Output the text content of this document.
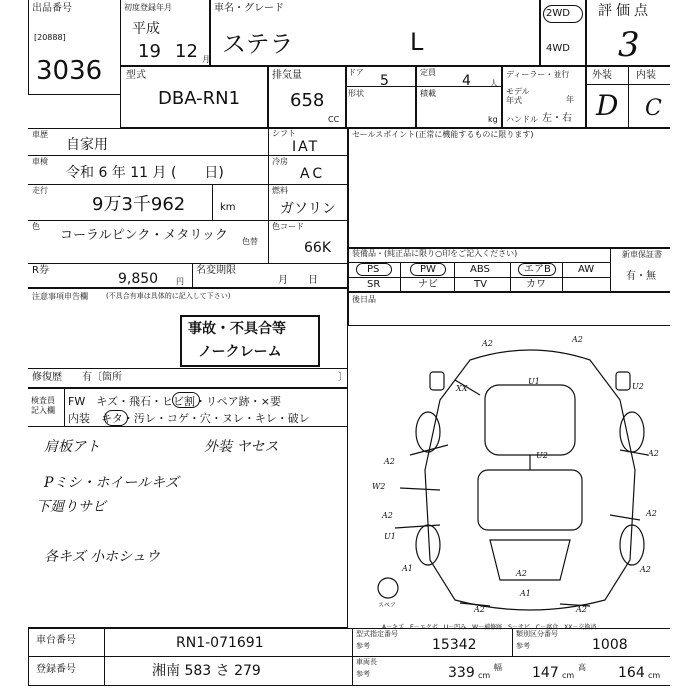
出品番号
[20888]
3036
初度登録年月
平成
19 12 月
車名・グレード
ステラ	L
2WD
4WD
評価点
3
外装 内装
D C
型式
DBA-RN1
排気量
658
CC
ドア
5
形状
定員
4 人
積載
kg
ディーラー・並行
モデル 年式	年
ハンドル 左・右
車歴
自家用
車検
令和 6 年 11 月 (　　日)
走行
9万3千962	km
色
コーラルピンク・メタリック	色替
シフト
IAT
冷房
AC
燃料
ガソリン
色コード
66K
R券
9,850 円
名変期限
月　　日
セールスポイント(正常に機能するものに限ります)
装備品・(純正品に限り○印をご記入ください)	新車保証書
有・無
PS	PW	ABS	エアB	AW
SR	ナビ	TV	カワ
後日品
注意事項申告欄	(不具合有車は具体的に記入して下さい)
事故・不具合等
ノークレーム
修復歴 有〔箇所	〕
検査員 記入欄
FW　キズ・飛石・ヒビ割・リペア跡・×要
内装　キタ・汚レ・コゲ・穴・ヌレ・キレ・破レ
肩板アト	外装 ヤセス
Pミシ・ホイールキズ
下廻りサビ
各キズ 小ホシュウ
A2	A2
U1
XX
U2
A2
U2
A2
W2
A2
U1
A2
A1
A2	A2
A1
A2	A2
スペア
A－キズ　E－エクボ　U－凹み　W－補修跡　S－サビ　C－腐食　XX－交換済
車台番号	RN1-071691
登録番号	湘南 583 さ 279
型式指定番号
参考	15342
類別区分番号
参考	1008
車両長
参考	339 cm
幅 147 cm
高 164 cm
